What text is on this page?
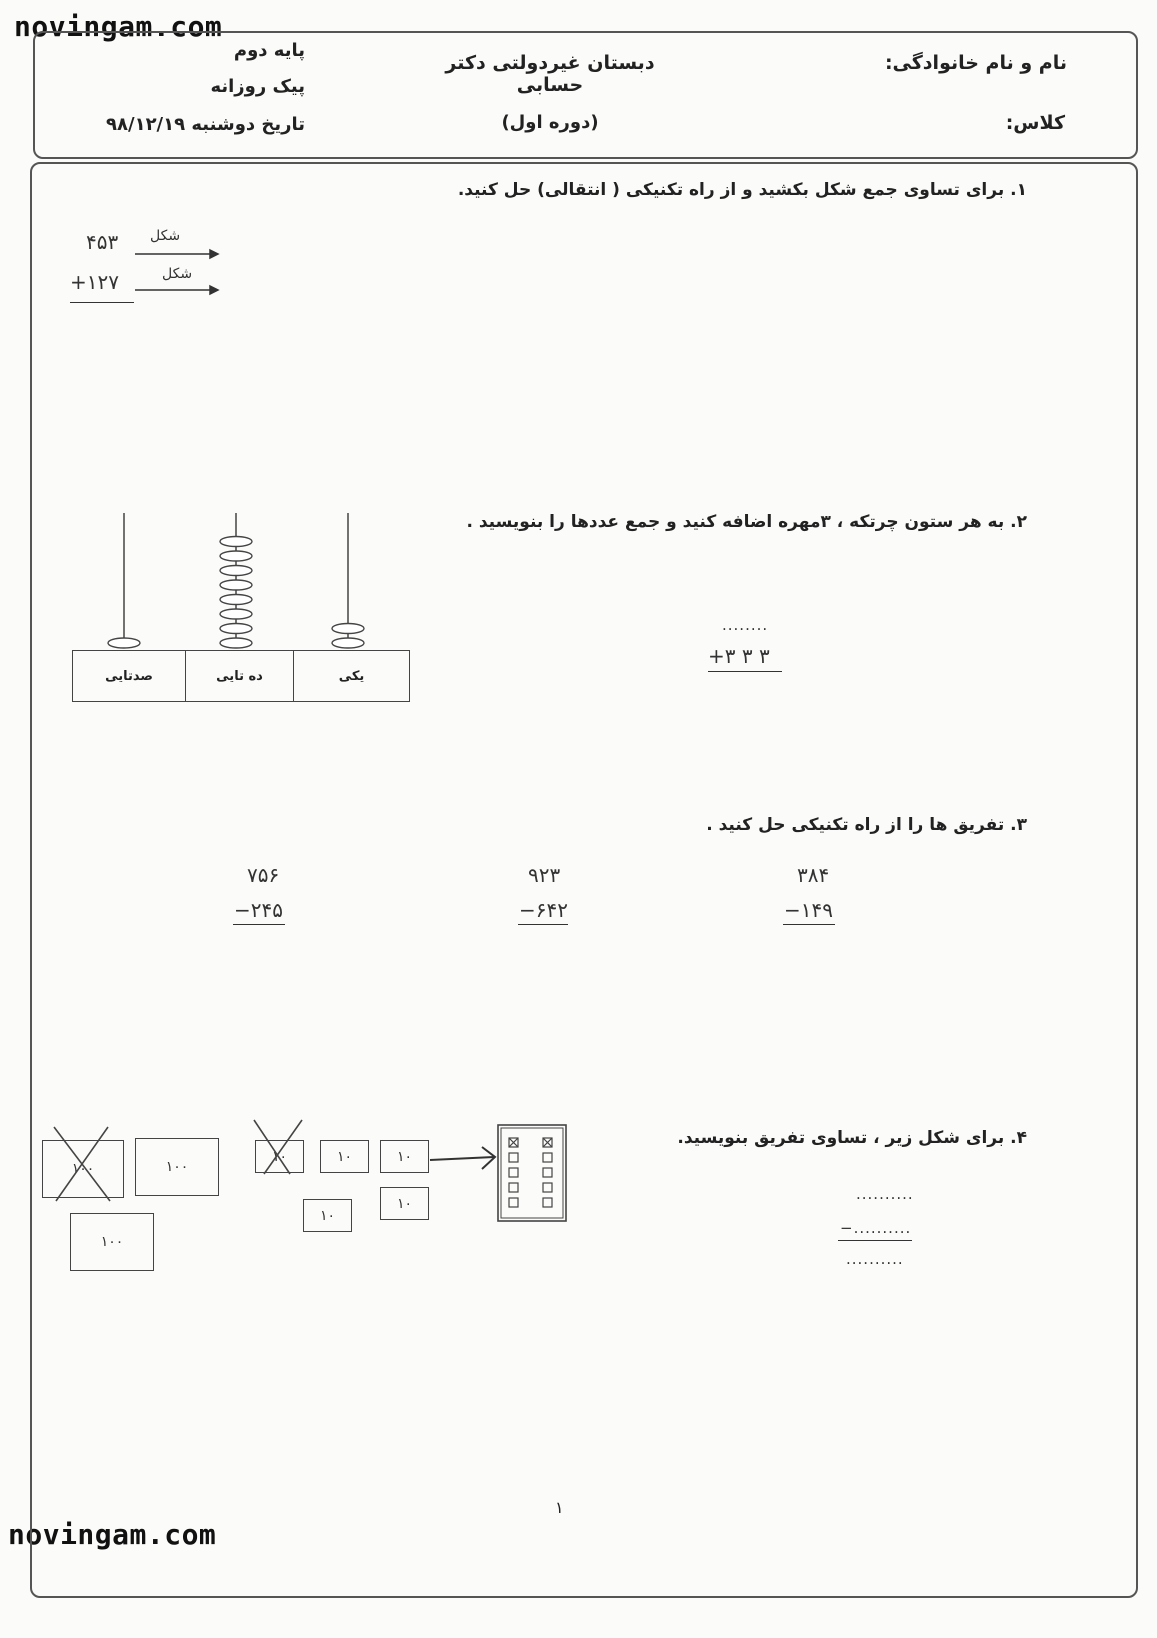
novingam.com
novingam.com
نام و نام خانوادگی:
کلاس:
دبستان غیردولتی دکتر حسابی
(دوره اول)
پایه دوم
پیک روزانه
تاریخ دوشنبه ۹۸/۱۲/۱۹
۱. برای تساوی جمع شکل بکشید و از راه تکنیکی ( انتقالی) حل کنید.
۴۵۳ شکل
+۱۲۷	شکل
۲. به هر ستون چرتکه ، ۳مهره اضافه کنید و جمع عددها را بنویسید .
صدتایی	ده تایی	یکی
........
+۳ ۳ ۳
۳. تفریق ها را از راه تکنیکی حل کنید .
۷۵۶
−۲۴۵
۹۲۳
−۶۴۲
۳۸۴
−۱۴۹
۴. برای شکل زیر ، تساوی تفریق بنویسید.
۱۰۰	۱۰۰
۱۰۰
۱۰	۱۰	۱۰
۱۰
۱۰
..........
−..........
..........
۱
